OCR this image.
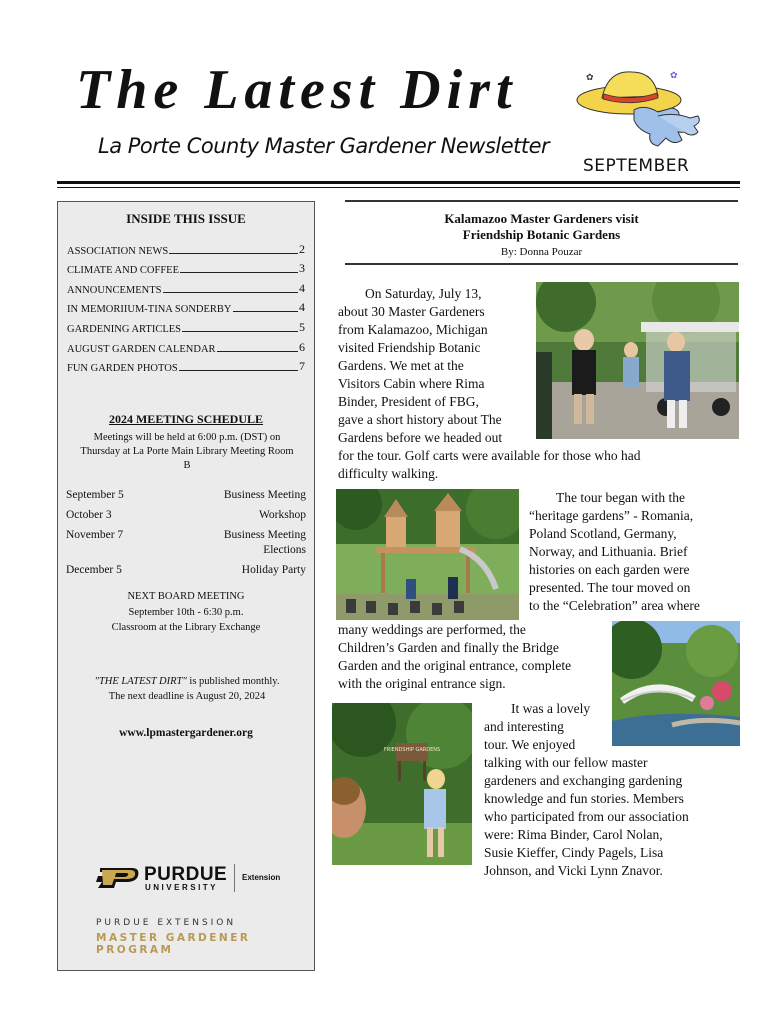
The Latest Dirt
La Porte County Master Gardener Newsletter
SEPTEMBER
✿	✿
INSIDE THIS ISSUE
ASSOCIATION NEWS	2
CLIMATE AND COFFEE	3
ANNOUNCEMENTS	4
IN MEMORIIUM-TINA SONDERBY	4
GARDENING ARTICLES	5
AUGUST GARDEN CALENDAR	6
FUN GARDEN PHOTOS	7
2024 MEETING SCHEDULE
Meetings will be held at 6:00 p.m. (DST) on Thursday at La Porte Main Library Meeting Room B
September 5	Business Meeting
October 3	Workshop
November 7	Business Meeting Elections
December 5	Holiday Party
NEXT BOARD MEETING
September 10th - 6:30 p.m.
Classroom at the Library Exchange
"THE LATEST DIRT" is published monthly.
The next deadline is August 20, 2024
www.lpmastergardener.org
PURDUE
UNIVERSITY
Extension
PURDUE EXTENSION
MASTER GARDENER PROGRAM
Kalamazoo Master Gardeners visit
Friendship Botanic Gardens
By: Donna Pouzar
On Saturday, July 13,
about 30 Master Gardeners
from Kalamazoo, Michigan
visited Friendship Botanic
Gardens. We met at the
Visitors Cabin where Rima
Binder, President of FBG,
gave a short history about The
Gardens before we headed out
for the tour. Golf carts were available for those who had
difficulty walking.
The tour began with the
“heritage gardens” - Romania,
Poland Scotland, Germany,
Norway, and Lithuania. Brief
histories on each garden were
presented. The tour moved on
to the “Celebration” area where
many weddings are performed, the
Children’s Garden and finally the Bridge
Garden and the original entrance, complete
with the original entrance sign.
It was a lovely
and interesting
tour. We enjoyed
talking with our fellow master
gardeners and exchanging gardening
knowledge and fun stories. Members
who participated from our association
were: Rima Binder, Carol Nolan,
Susie Kieffer, Cindy Pagels, Lisa
Johnson, and Vicki Lynn Znavor.
FRIENDSHIP GARDENS
